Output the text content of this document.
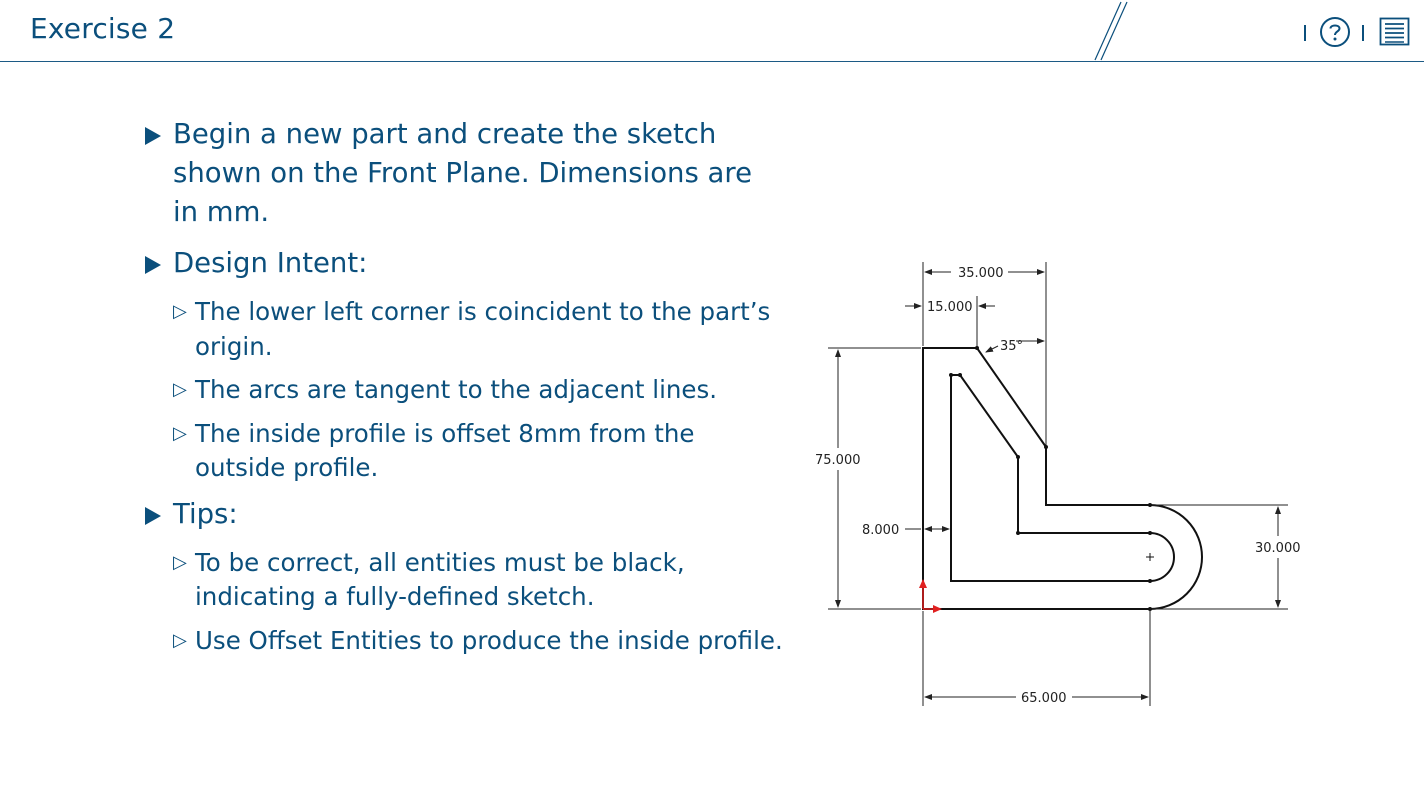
Exercise 2
Begin a new part and create the sketch shown on the Front Plane. Dimensions are in mm.
Design Intent:
▷ The lower left corner is coincident to the part’s origin.
▷ The arcs are tangent to the adjacent lines.
▷ The inside profile is offset 8mm from the outside profile.
Tips:
▷ To be correct, all entities must be black, indicating a fully-defined sketch.
▷ Use Offset Entities to produce the inside profile.
35.000
15.000
35°
75.000
8.000
30.000
65.000
